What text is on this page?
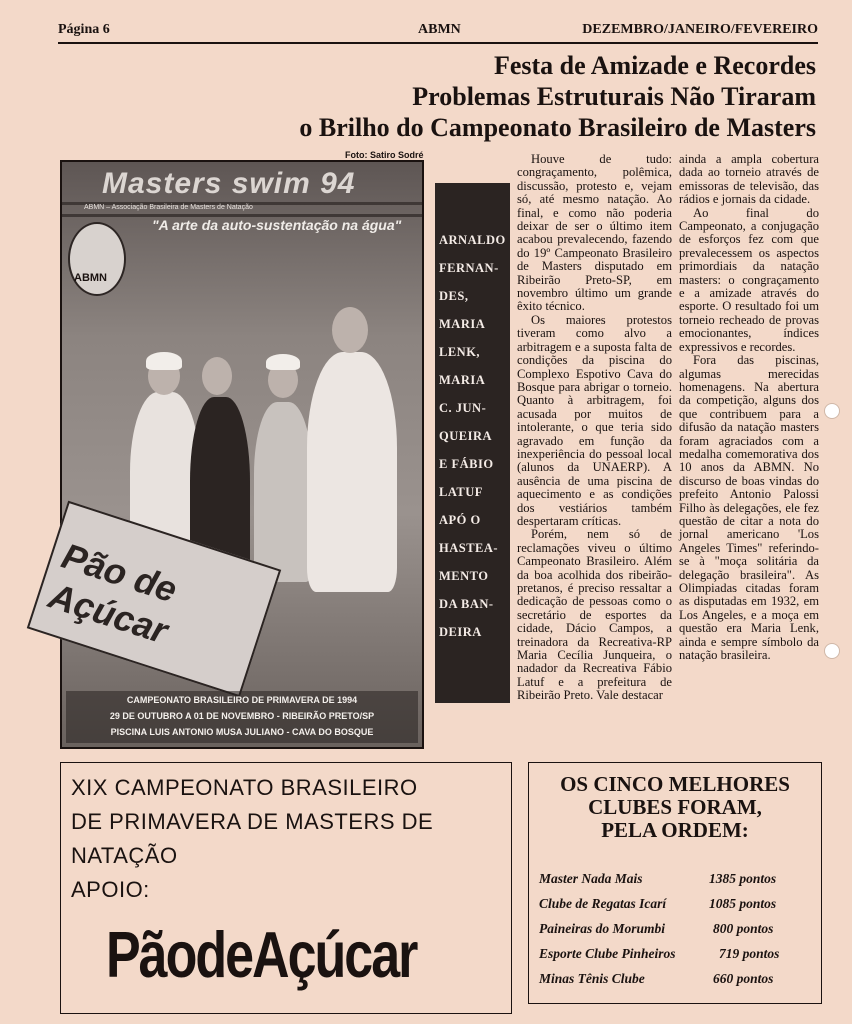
Página 6	ABMN	DEZEMBRO/JANEIRO/FEVEREIRO
Festa de Amizade e Recordes
Problemas Estruturais Não Tiraram
o Brilho do Campeonato Brasileiro de Masters
Foto: Satiro Sodré
Masters swim 94
ABMN – Associação Brasileira de Masters de Natação
"A arte da auto-sustentação na água"
ABMN
Pão de Açúcar
CAMPEONATO BRASILEIRO DE PRIMAVERA DE 1994
29 DE OUTUBRO A 01 DE NOVEMBRO - RIBEIRÃO PRETO/SP
PISCINA LUIS ANTONIO MUSA JULIANO - CAVA DO BOSQUE
ARNALDO
FERNAN-
DES,
MARIA
LENK,
MARIA
C. JUN-
QUEIRA
E FÁBIO
LATUF
APÓ O
HASTEA-
MENTO
DA BAN-
DEIRA

Houve de tudo: congraçamento, polêmica, discussão, protesto e, vejam só, até mesmo natação. Ao final, e como não poderia deixar de ser o último item acabou prevalecendo, fazendo do 19º Campeonato Brasileiro de Masters disputado em Ribeirão Preto-SP, em novembro último um grande êxito técnico.

Os maiores protestos tiveram como alvo a arbitragem e a suposta falta de condições da piscina do Complexo Espotivo Cava do Bosque para abrigar o torneio. Quanto à arbitragem, foi acusada por muitos de intolerante, o que teria sido agravado em função da inexperiência do pessoal local (alunos da UNAERP). A ausência de uma piscina de aquecimento e as condições dos vestiários também despertaram críticas.

Porém, nem só de reclamações viveu o último Campeonato Brasileiro. Além da boa acolhida dos ribeirão-pretanos, é preciso ressaltar a dedicação de pessoas como o secretário de esportes da cidade, Dácio Campos, a treinadora da Recreativa-RP Maria Cecília Junqueira, o nadador da Recreativa Fábio Latuf e a prefeitura de Ribeirão Preto. Vale destacar

ainda a ampla cobertura dada ao torneio através de emissoras de televisão, das rádios e jornais da cidade.

Ao final do Campeonato, a conjugação de esforços fez com que prevalecessem os aspectos primordiais da natação masters: o congraçamento e a amizade através do esporte. O resultado foi um torneio recheado de provas emocionantes, índices expressivos e recordes.

Fora das piscinas, algumas merecidas homenagens. Na abertura da competição, alguns dos que contribuem para a difusão da natação masters foram agraciados com a medalha comemorativa dos 10 anos da ABMN. No discurso de boas vindas do prefeito Antonio Palossi Filho às delegações, ele fez questão de citar a nota do jornal americano 'Los Angeles Times" referindo-se à "moça solitária da delegação brasileira". As Olimpiadas citadas foram as disputadas em 1932, em Los Angeles, e a moça em questão era Maria Lenk, ainda e sempre símbolo da natação brasileira.

XIX CAMPEONATO BRASILEIRO
DE PRIMAVERA DE MASTERS DE
NATAÇÃO
APOIO:
PãodeAçúcar
OS CINCO MELHORES
CLUBES FORAM,
PELA ORDEM:
Master Nada Mais	1385 pontos
Clube de Regatas Icarí	1085 pontos
Paineiras do Morumbi	800 pontos
Esporte Clube Pinheiros	719 pontos
Minas Tênis Clube	660 pontos
